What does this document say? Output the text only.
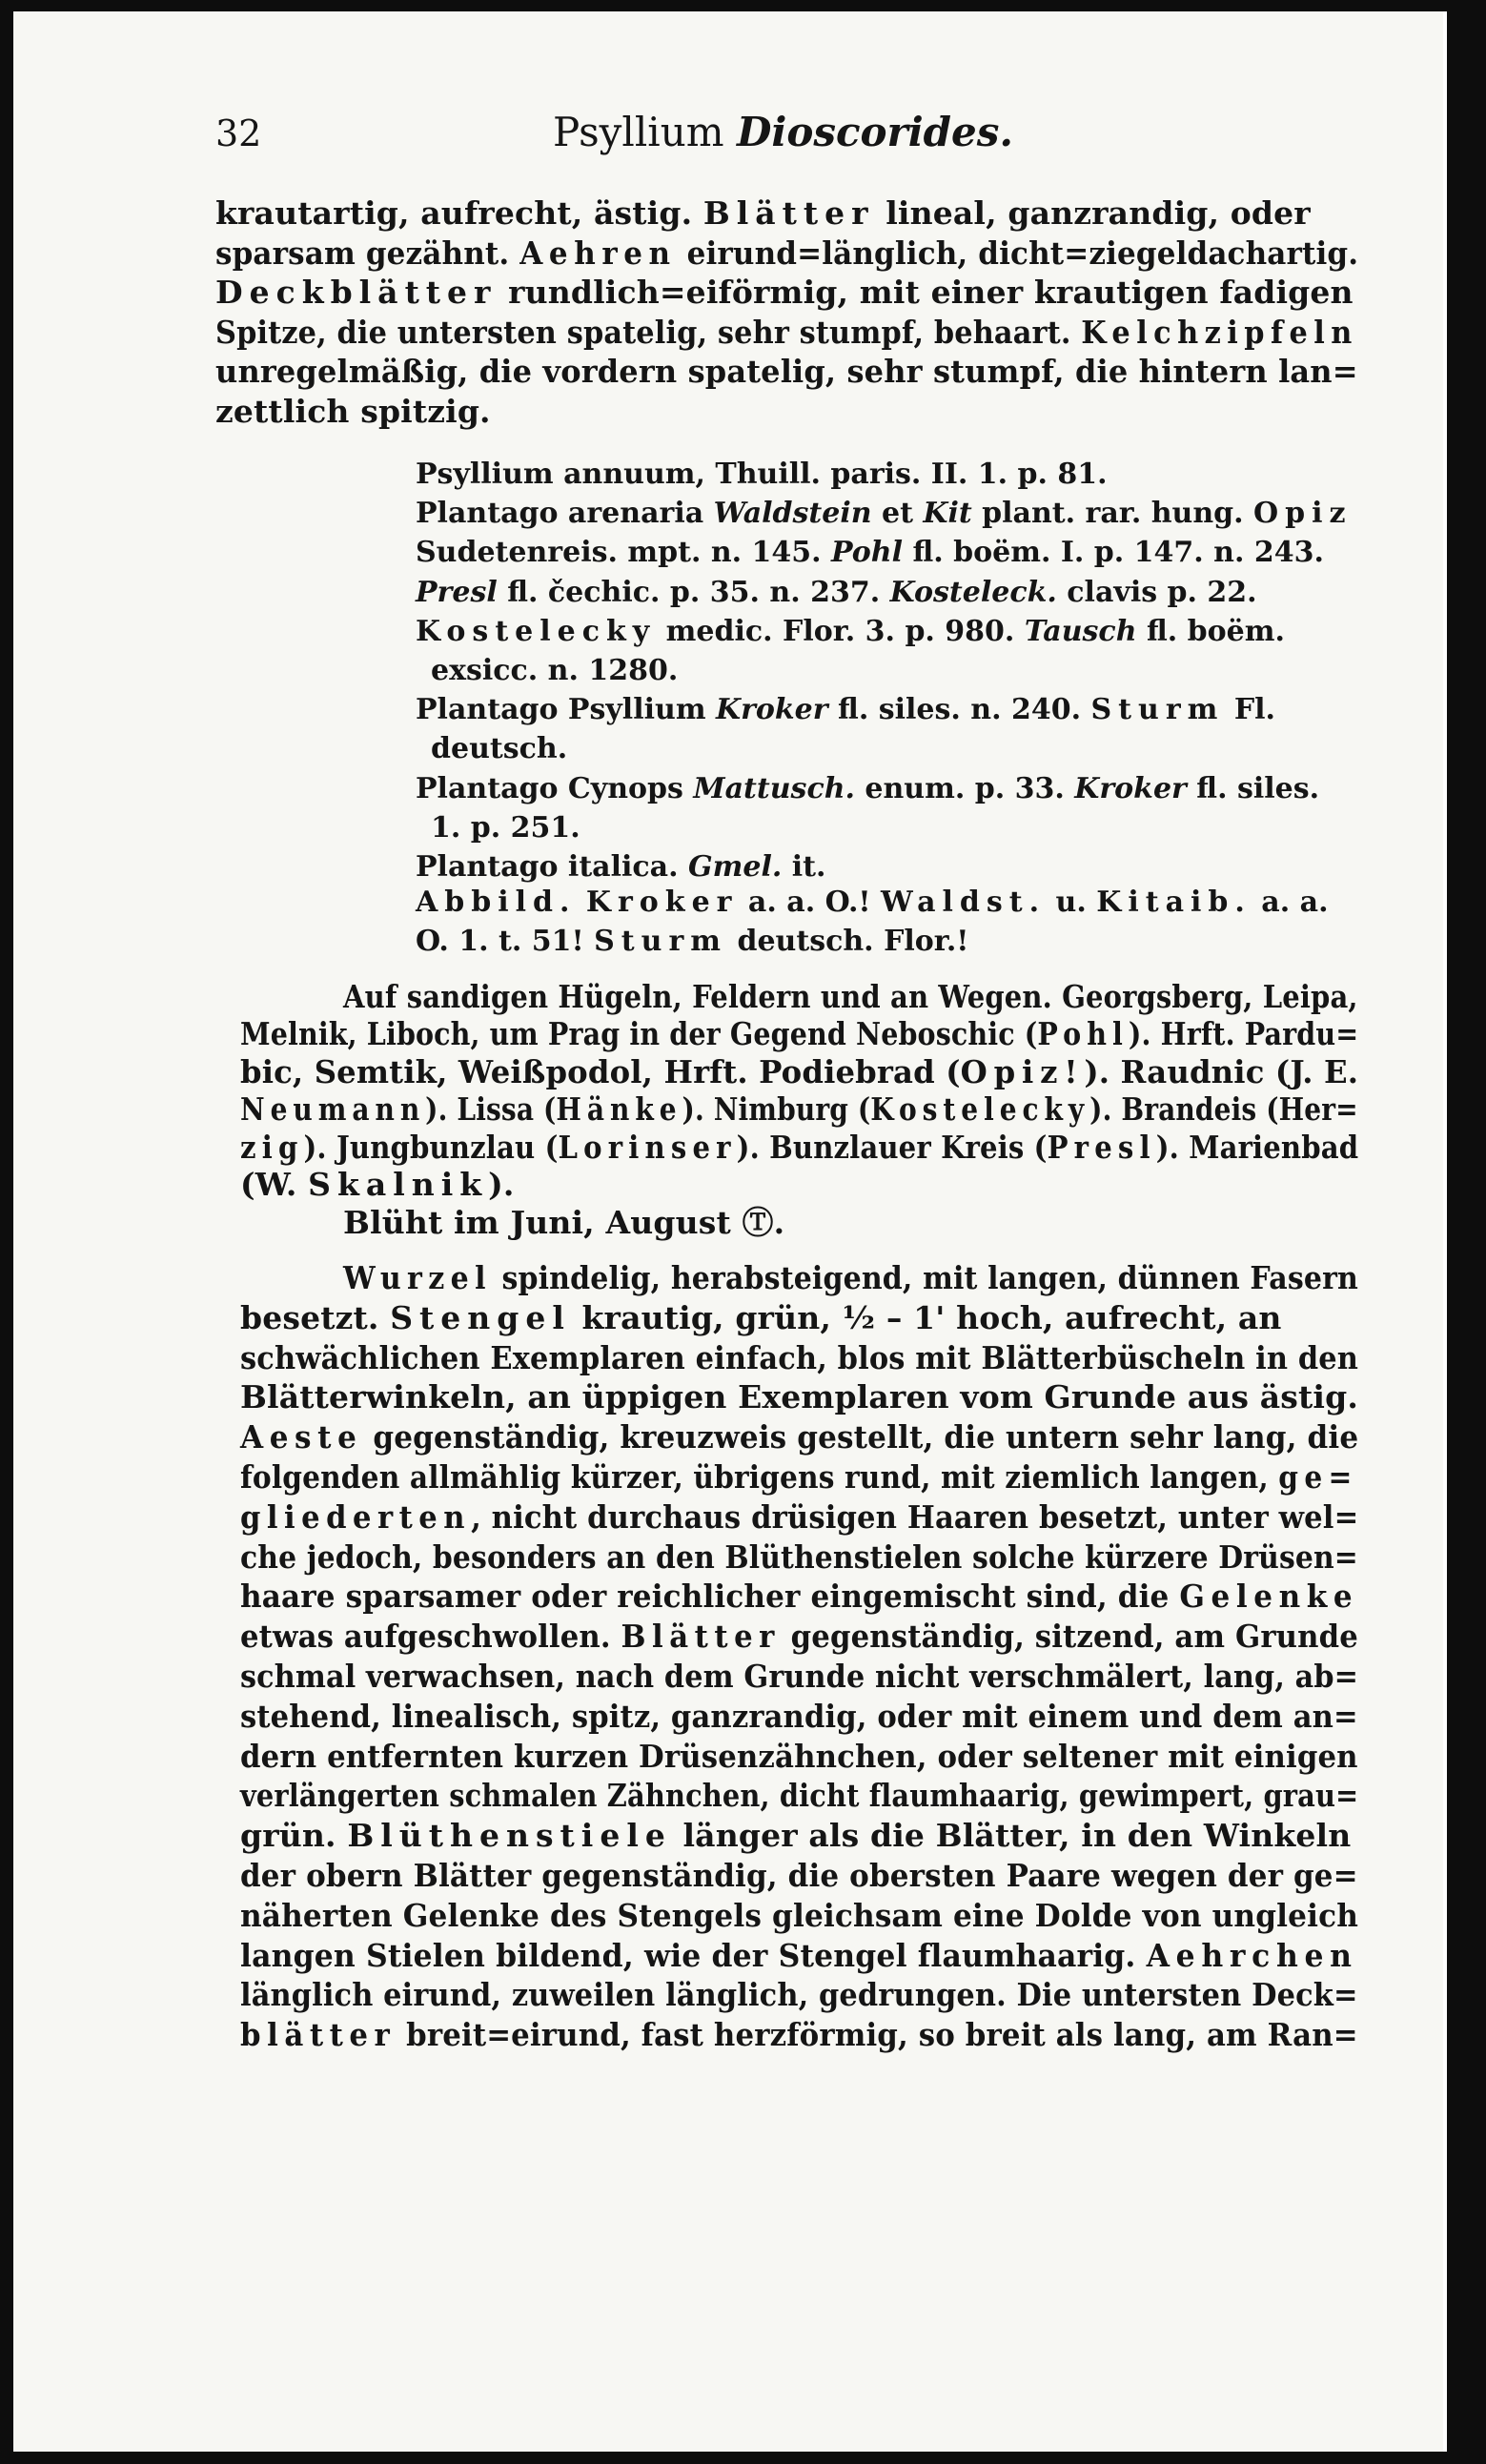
32	Psyllium Dioscorides.
krautartig, aufrecht, ästig. Blätter lineal, ganzrandig, oder
sparsam gezähnt. Aehren eirund=länglich, dicht=ziegeldachartig.
Deckblätter rundlich=eiförmig, mit einer krautigen fadigen
Spitze, die untersten spatelig, sehr stumpf, behaart. Kelchzipfeln
unregelmäßig, die vordern spatelig, sehr stumpf, die hintern lan=
zettlich spitzig.
Psyllium annuum, Thuill. paris. II. 1. p. 81.
Plantago arenaria Waldstein et Kit plant. rar. hung. Opiz
Sudetenreis. mpt. n. 145. Pohl fl. boëm. I. p. 147. n. 243.
Presl fl. čechic. p. 35. n. 237. Kosteleck. clavis p. 22.
Kostelecky medic. Flor. 3. p. 980. Tausch fl. boëm.
exsicc. n. 1280.
Plantago Psyllium Kroker fl. siles. n. 240. Sturm Fl.
deutsch.
Plantago Cynops Mattusch. enum. p. 33. Kroker fl. siles.
1. p. 251.
Plantago italica. Gmel. it.
Abbild. Kroker a. a. O.! Waldst. u. Kitaib. a. a.
O. 1. t. 51! Sturm deutsch. Flor.!
Auf sandigen Hügeln, Feldern und an Wegen. Georgsberg, Leipa,
Melnik, Liboch, um Prag in der Gegend Neboschic (Pohl). Hrft. Pardu=
bic, Semtik, Weißpodol, Hrft. Podiebrad (Opiz!). Raudnic (J. E.
Neumann). Lissa (Hänke). Nimburg (Kostelecky). Brandeis (Her=
zig). Jungbunzlau (Lorinser). Bunzlauer Kreis (Presl). Marienbad
(W. Skalnik).
Blüht im Juni, August Ⓣ.
Wurzel spindelig, herabsteigend, mit langen, dünnen Fasern
besetzt. Stengel krautig, grün, ½ – 1' hoch, aufrecht, an
schwächlichen Exemplaren einfach, blos mit Blätterbüscheln in den
Blätterwinkeln, an üppigen Exemplaren vom Grunde aus ästig.
Aeste gegenständig, kreuzweis gestellt, die untern sehr lang, die
folgenden allmählig kürzer, übrigens rund, mit ziemlich langen, ge=
gliederten, nicht durchaus drüsigen Haaren besetzt, unter wel=
che jedoch, besonders an den Blüthenstielen solche kürzere Drüsen=
haare sparsamer oder reichlicher eingemischt sind, die Gelenke
etwas aufgeschwollen. Blätter gegenständig, sitzend, am Grunde
schmal verwachsen, nach dem Grunde nicht verschmälert, lang, ab=
stehend, linealisch, spitz, ganzrandig, oder mit einem und dem an=
dern entfernten kurzen Drüsenzähnchen, oder seltener mit einigen
verlängerten schmalen Zähnchen, dicht flaumhaarig, gewimpert, grau=
grün. Blüthenstiele länger als die Blätter, in den Winkeln
der obern Blätter gegenständig, die obersten Paare wegen der ge=
näherten Gelenke des Stengels gleichsam eine Dolde von ungleich
langen Stielen bildend, wie der Stengel flaumhaarig. Aehrchen
länglich eirund, zuweilen länglich, gedrungen. Die untersten Deck=
blätter breit=eirund, fast herzförmig, so breit als lang, am Ran=
